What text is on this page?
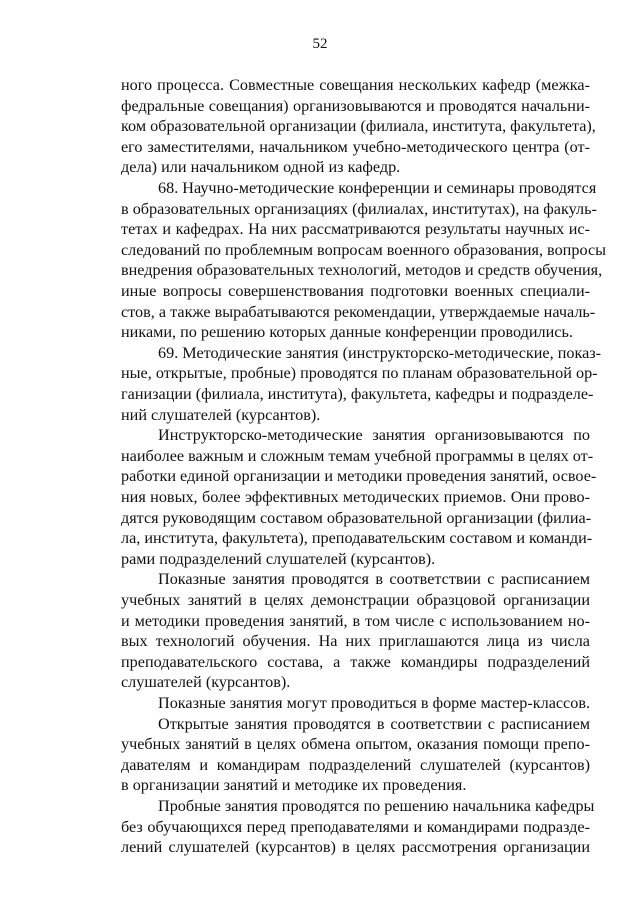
52
ного процесса. Совместные совещания нескольких кафедр (межка-
федральные совещания) организовываются и проводятся начальни-
ком образовательной организации (филиала, института, факультета),
его заместителями, начальником учебно-методического центра (от-
дела) или начальником одной из кафедр.
68. Научно-методические конференции и семинары проводятся
в образовательных организациях (филиалах, институтах), на факуль-
тетах и кафедрах. На них рассматриваются результаты научных ис-
следований по проблемным вопросам военного образования, вопросы
внедрения образовательных технологий, методов и средств обучения,
иные вопросы совершенствования подготовки военных специали-
стов, а также вырабатываются рекомендации, утверждаемые началь-
никами, по решению которых данные конференции проводились.
69. Методические занятия (инструкторско-методические, показ-
ные, открытые, пробные) проводятся по планам образовательной ор-
ганизации (филиала, института), факультета, кафедры и подразделе-
ний слушателей (курсантов).
Инструкторско-методические занятия организовываются по
наиболее важным и сложным темам учебной программы в целях от-
работки единой организации и методики проведения занятий, освое-
ния новых, более эффективных методических приемов. Они прово-
дятся руководящим составом образовательной организации (филиа-
ла, института, факультета), преподавательским составом и команди-
рами подразделений слушателей (курсантов).
Показные занятия проводятся в соответствии с расписанием
учебных занятий в целях демонстрации образцовой организации
и методики проведения занятий, в том числе с использованием но-
вых технологий обучения. На них приглашаются лица из числа
преподавательского состава, а также командиры подразделений
слушателей (курсантов).
Показные занятия могут проводиться в форме мастер-классов.
Открытые занятия проводятся в соответствии с расписанием
учебных занятий в целях обмена опытом, оказания помощи препо-
давателям и командирам подразделений слушателей (курсантов)
в организации занятий и методике их проведения.
Пробные занятия проводятся по решению начальника кафедры
без обучающихся перед преподавателями и командирами подразде-
лений слушателей (курсантов) в целях рассмотрения организации
